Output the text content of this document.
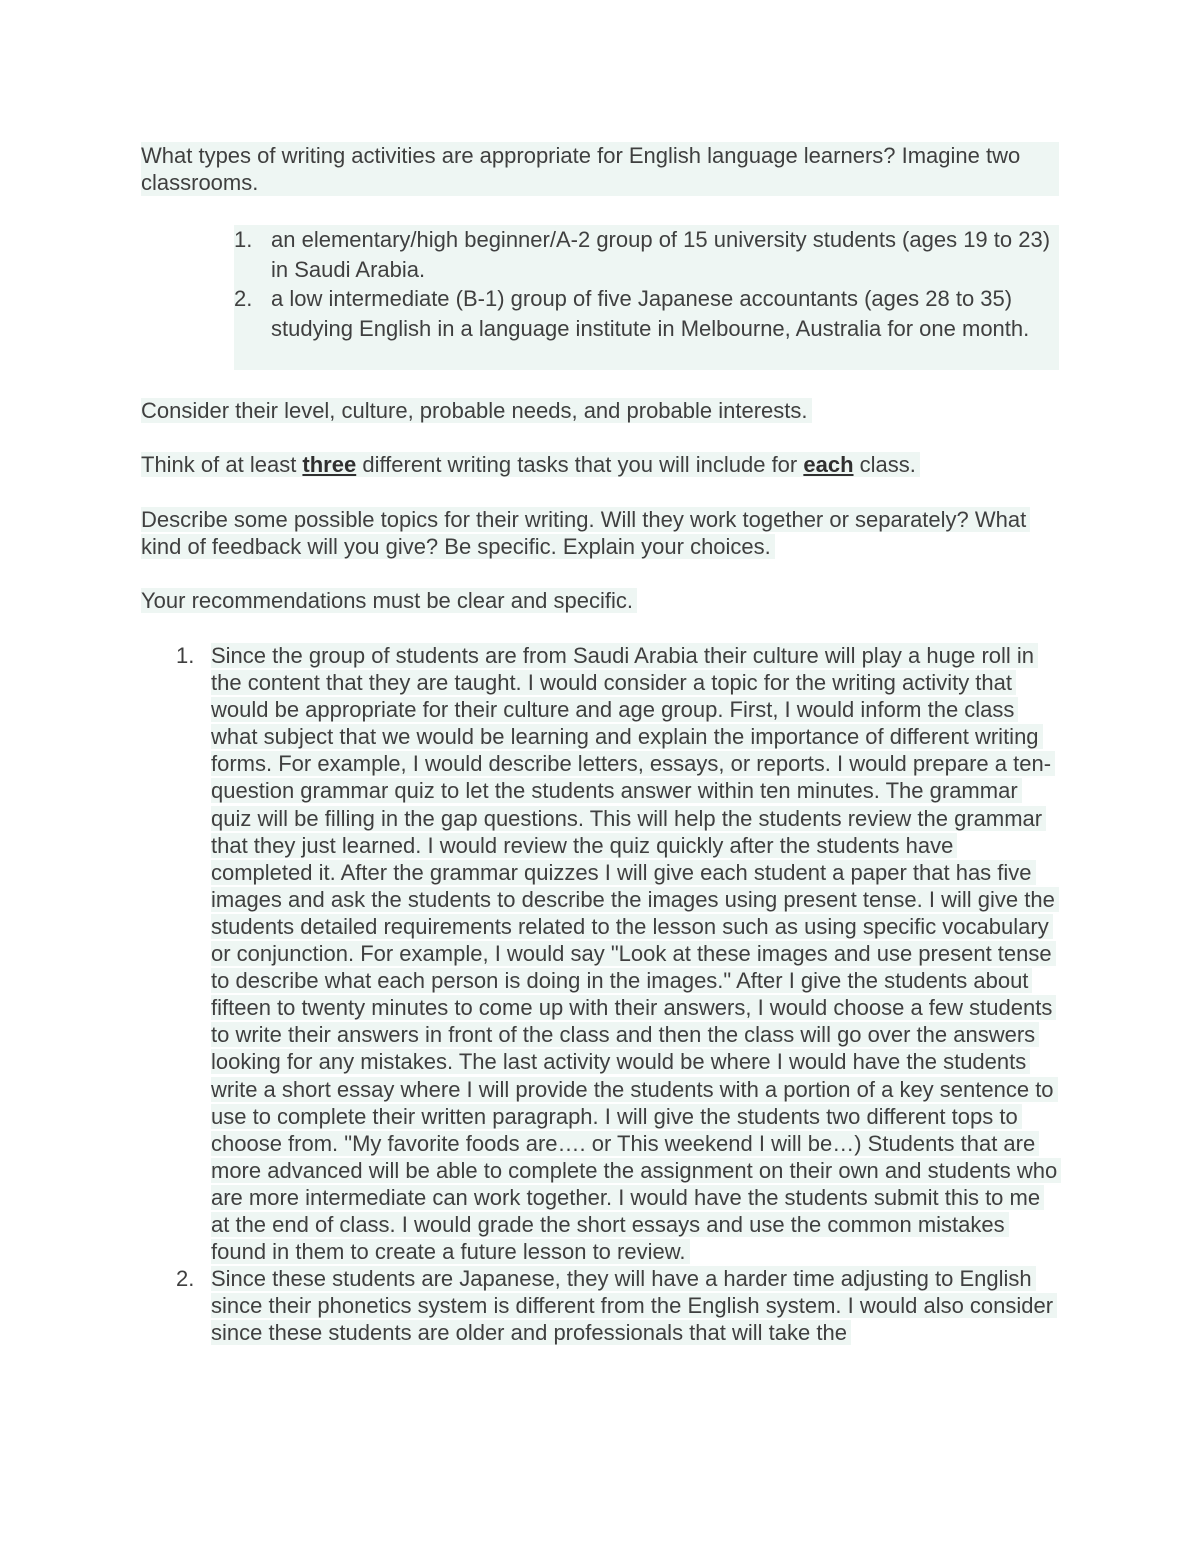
What types of writing activities are appropriate for English language learners? Imagine two classrooms.

1. an elementary/high beginner/A-2 group of 15 university students (ages 19 to 23) in Saudi Arabia.
2. a low intermediate (B-1) group of five Japanese accountants (ages 28 to 35) studying English in a language institute in Melbourne, Australia for one month.

Consider their level, culture, probable needs, and probable interests.

Think of at least three different writing tasks that you will include for each class.

Describe some possible topics for their writing. Will they work together or separately? What kind of feedback will you give? Be specific. Explain your choices.

Your recommendations must be clear and specific.

1. Since the group of students are from Saudi Arabia their culture will play a huge roll in the content that they are taught. I would consider a topic for the writing activity that would be appropriate for their culture and age group. First, I would inform the class what subject that we would be learning and explain the importance of different writing forms. For example, I would describe letters, essays, or reports. I would prepare a ten-question grammar quiz to let the students answer within ten minutes. The grammar quiz will be filling in the gap questions. This will help the students review the grammar that they just learned. I would review the quiz quickly after the students have completed it. After the grammar quizzes I will give each student a paper that has five images and ask the students to describe the images using present tense. I will give the students detailed requirements related to the lesson such as using specific vocabulary or conjunction. For example, I would say "Look at these images and use present tense to describe what each person is doing in the images." After I give the students about fifteen to twenty minutes to come up with their answers, I would choose a few students to write their answers in front of the class and then the class will go over the answers looking for any mistakes. The last activity would be where I would have the students write a short essay where I will provide the students with a portion of a key sentence to use to complete their written paragraph. I will give the students two different tops to choose from. "My favorite foods are…. or This weekend I will be…) Students that are more advanced will be able to complete the assignment on their own and students who are more intermediate can work together. I would have the students submit this to me at the end of class. I would grade the short essays and use the common mistakes found in them to create a future lesson to review.
2. Since these students are Japanese, they will have a harder time adjusting to English since their phonetics system is different from the English system. I would also consider since these students are older and professionals that will take the
